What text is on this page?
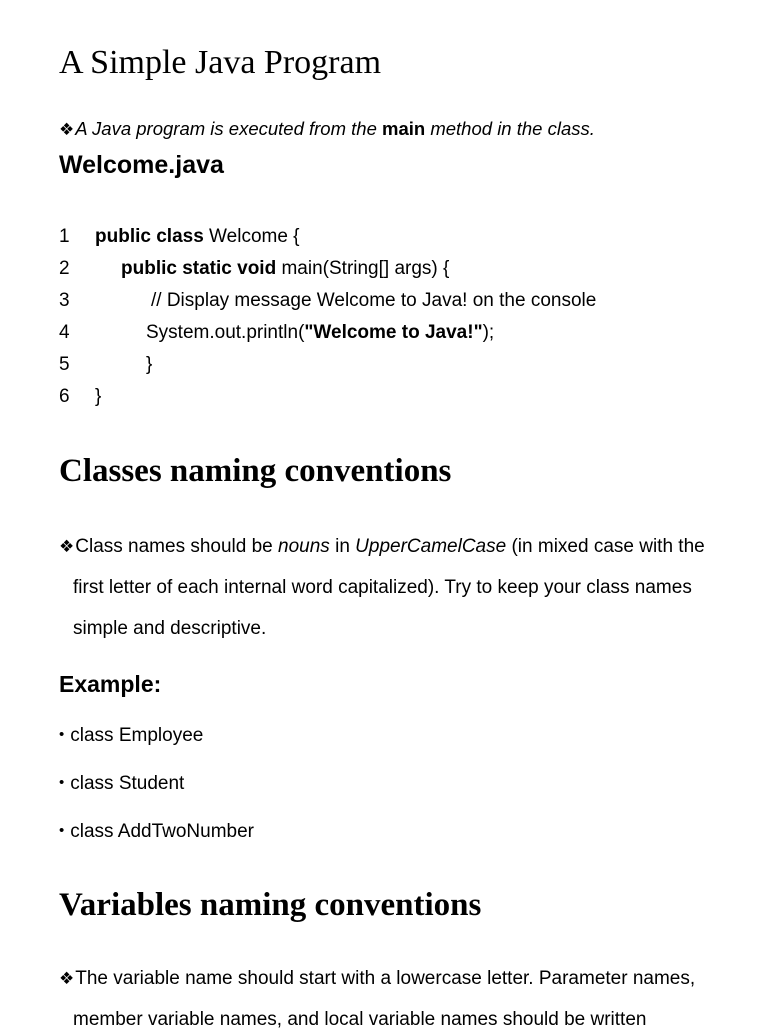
A Simple Java Program
❖A Java program is executed from the main method in the class.
Welcome.java
1 public class Welcome {
2	public static void main(String[] args) {
3	// Display message Welcome to Java! on the console
4	System.out.println("Welcome to Java!");
5	}
6 }
Classes naming conventions
❖Class names should be nouns in UpperCamelCase (in mixed case with the
first letter of each internal word capitalized). Try to keep your class names
simple and descriptive.
Example:
• class Employee
• class Student
• class AddTwoNumber
Variables naming conventions
❖The variable name should start with a lowercase letter. Parameter names,
member variable names, and local variable names should be written
